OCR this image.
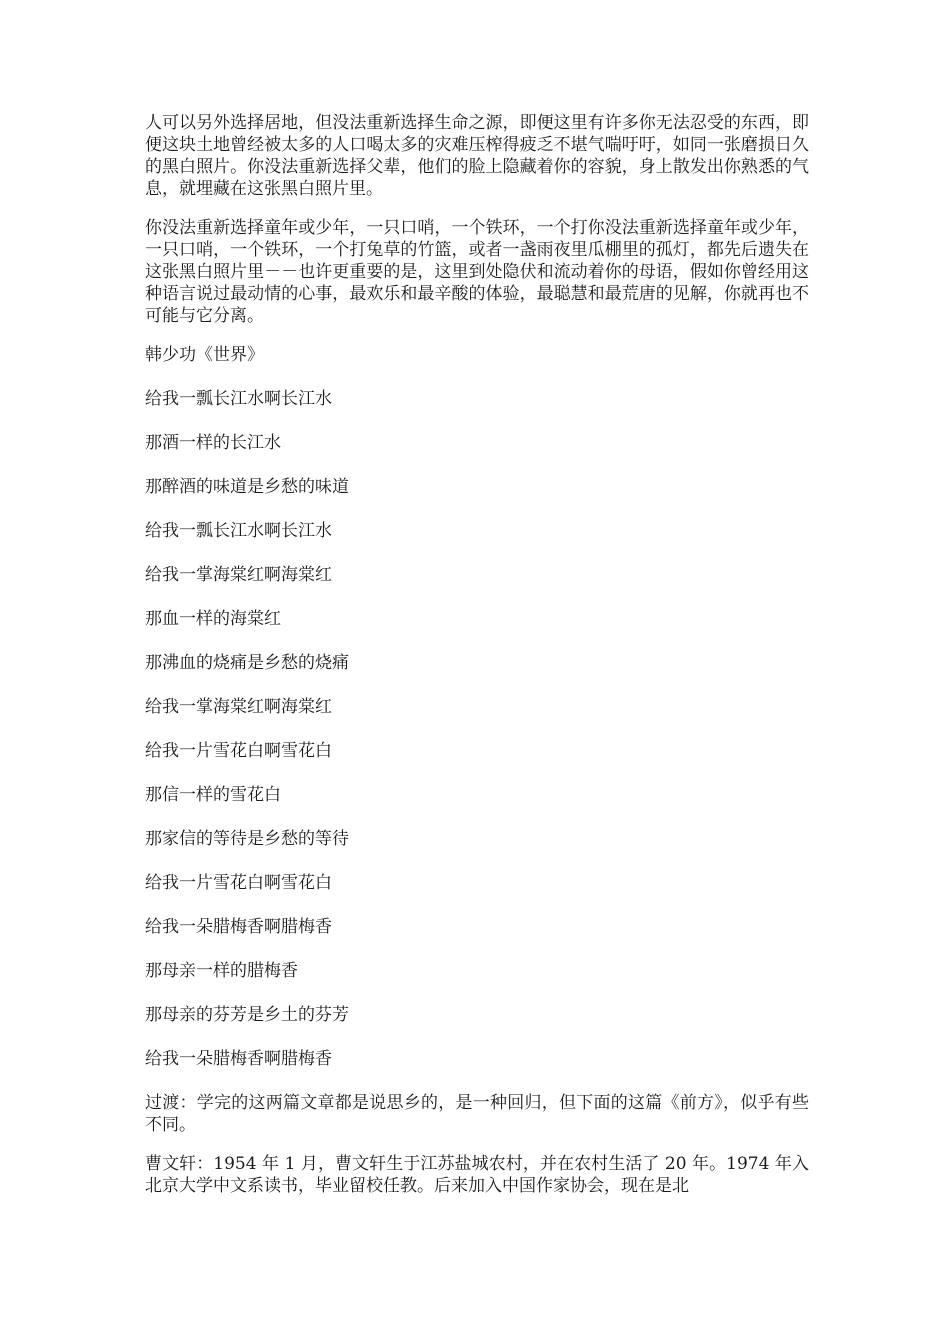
人可以另外选择居地，但没法重新选择生命之源，即便这里有许多你无法忍受的东西，即便这块土地曾经被太多的人口喝太多的灾难压榨得疲乏不堪气喘吁吁，如同一张磨损日久的黑白照片。你没法重新选择父辈，他们的脸上隐藏着你的容貌，身上散发出你熟悉的气息，就埋藏在这张黑白照片里。

你没法重新选择童年或少年，一只口哨，一个铁环，一个打你没法重新选择童年或少年，一只口哨，一个铁环，一个打兔草的竹篮，或者一盏雨夜里瓜棚里的孤灯，都先后遗失在这张黑白照片里－－也许更重要的是，这里到处隐伏和流动着你的母语，假如你曾经用这种语言说过最动情的心事，最欢乐和最辛酸的体验，最聪慧和最荒唐的见解，你就再也不可能与它分离。

韩少功《世界》

给我一瓢长江水啊长江水

那酒一样的长江水

那醉酒的味道是乡愁的味道

给我一瓢长江水啊长江水

给我一掌海棠红啊海棠红

那血一样的海棠红

那沸血的烧痛是乡愁的烧痛

给我一掌海棠红啊海棠红

给我一片雪花白啊雪花白

那信一样的雪花白

那家信的等待是乡愁的等待

给我一片雪花白啊雪花白

给我一朵腊梅香啊腊梅香

那母亲一样的腊梅香

那母亲的芬芳是乡土的芬芳

给我一朵腊梅香啊腊梅香

过渡：学完的这两篇文章都是说思乡的，是一种回归，但下面的这篇《前方》，似乎有些不同。

曹文轩：1954 年 1 月，曹文轩生于江苏盐城农村，并在农村生活了 20 年。1974 年入北京大学中文系读书，毕业留校任教。后来加入中国作家协会，现在是北
